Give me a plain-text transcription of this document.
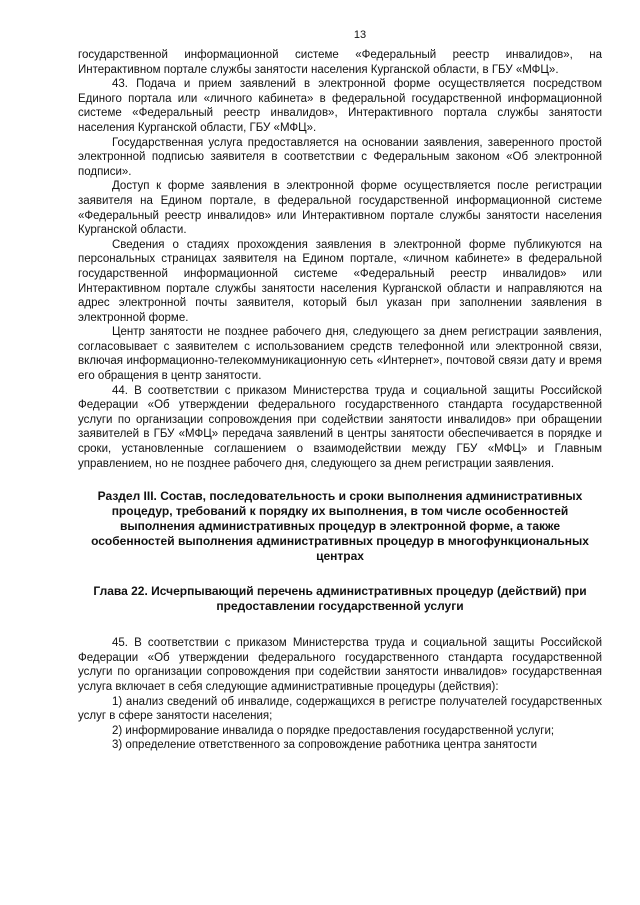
13

государственной информационной системе «Федеральный реестр инвалидов», на Интерактивном портале службы занятости населения Курганской области, в ГБУ «МФЦ».

43. Подача и прием заявлений в электронной форме осуществляется посредством Единого портала или «личного кабинета» в федеральной государственной информационной системе «Федеральный реестр инвалидов», Интерактивного портала службы занятости населения Курганской области, ГБУ «МФЦ».

Государственная услуга предоставляется на основании заявления, заверенного простой электронной подписью заявителя в соответствии с Федеральным законом «Об электронной подписи».

Доступ к форме заявления в электронной форме осуществляется после регистрации заявителя на Едином портале, в федеральной государственной информационной системе «Федеральный реестр инвалидов» или Интерактивном портале службы занятости населения Курганской области.

Сведения о стадиях прохождения заявления в электронной форме публикуются на персональных страницах заявителя на Едином портале, «личном кабинете» в федеральной государственной информационной системе «Федеральный реестр инвалидов» или Интерактивном портале службы занятости населения Курганской области и направляются на адрес электронной почты заявителя, который был указан при заполнении заявления в электронной форме.

Центр занятости не позднее рабочего дня, следующего за днем регистрации заявления, согласовывает с заявителем с использованием средств телефонной или электронной связи, включая информационно-телекоммуникационную сеть «Интернет», почтовой связи дату и время его обращения в центр занятости.

44. В соответствии с приказом Министерства труда и социальной защиты Российской Федерации «Об утверждении федерального государственного стандарта государственной услуги по организации сопровождения при содействии занятости инвалидов» при обращении заявителей в ГБУ «МФЦ» передача заявлений в центры занятости обеспечивается в порядке и сроки, установленные соглашением о взаимодействии между ГБУ «МФЦ» и Главным управлением, но не позднее рабочего дня, следующего за днем регистрации заявления.

Раздел III. Состав, последовательность и сроки выполнения административных процедур, требований к порядку их выполнения, в том числе особенностей выполнения административных процедур в электронной форме, а также особенностей выполнения административных процедур в многофункциональных центрах

Глава 22. Исчерпывающий перечень административных процедур (действий) при предоставлении государственной услуги

45. В соответствии с приказом Министерства труда и социальной защиты Российской Федерации «Об утверждении федерального государственного стандарта государственной услуги по организации сопровождения при содействии занятости инвалидов» государственная услуга включает в себя следующие административные процедуры (действия):

1) анализ сведений об инвалиде, содержащихся в регистре получателей государственных услуг в сфере занятости населения;

2) информирование инвалида о порядке предоставления государственной услуги;

3) определение ответственного за сопровождение работника центра занятости
